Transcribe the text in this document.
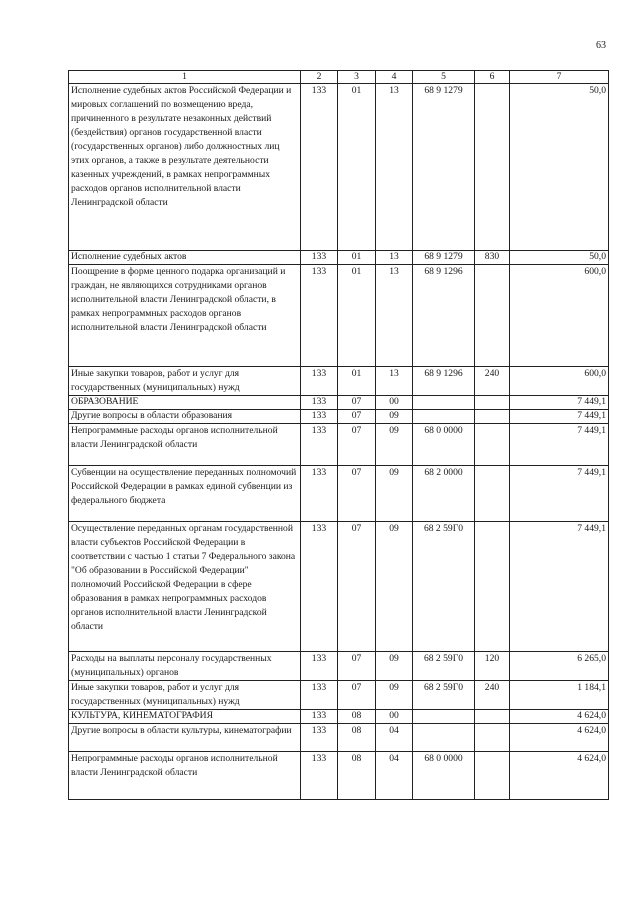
63
1	2	3	4	5	6	7
Исполнение судебных актов Российской Федерации и мировых соглашений по возмещению вреда, причиненного в результате незаконных действий (бездействия) органов государственной власти (государственных органов) либо должностных лиц этих органов, а также в результате деятельности казенных учреждений, в рамках непрограммных расходов органов исполнительной власти Ленинградской области	133	01	13	68 9 1279		50,0
Исполнение судебных актов	133	01	13	68 9 1279	830	50,0
Поощрение в форме ценного подарка организаций и граждан, не являющихся сотрудниками органов исполнительной власти Ленинградской области, в рамках непрограммных расходов органов исполнительной власти Ленинградской области	133	01	13	68 9 1296		600,0
Иные закупки товаров, работ и услуг для государственных (муниципальных) нужд	133	01	13	68 9 1296	240	600,0
ОБРАЗОВАНИЕ	133	07	00			7 449,1
Другие вопросы в области образования	133	07	09			7 449,1
Непрограммные расходы органов исполнительной власти Ленинградской области	133	07	09	68 0 0000		7 449,1
Субвенции на осуществление переданных полномочий Российской Федерации в рамках единой субвенции из федерального бюджета	133	07	09	68 2 0000		7 449,1
Осуществление переданных органам государственной власти субъектов Российской Федерации в соответствии с частью 1 статьи 7 Федерального закона "Об образовании в Российской Федерации" полномочий Российской Федерации в сфере образования в рамках непрограммных расходов органов исполнительной власти Ленинградской области	133	07	09	68 2 59Г0		7 449,1
Расходы на выплаты персоналу государственных (муниципальных) органов	133	07	09	68 2 59Г0	120	6 265,0
Иные закупки товаров, работ и услуг для государственных (муниципальных) нужд	133	07	09	68 2 59Г0	240	1 184,1
КУЛЬТУРА, КИНЕМАТОГРАФИЯ	133	08	00			4 624,0
Другие вопросы в области культуры, кинематографии	133	08	04			4 624,0
Непрограммные расходы органов исполнительной власти Ленинградской области	133	08	04	68 0 0000		4 624,0
